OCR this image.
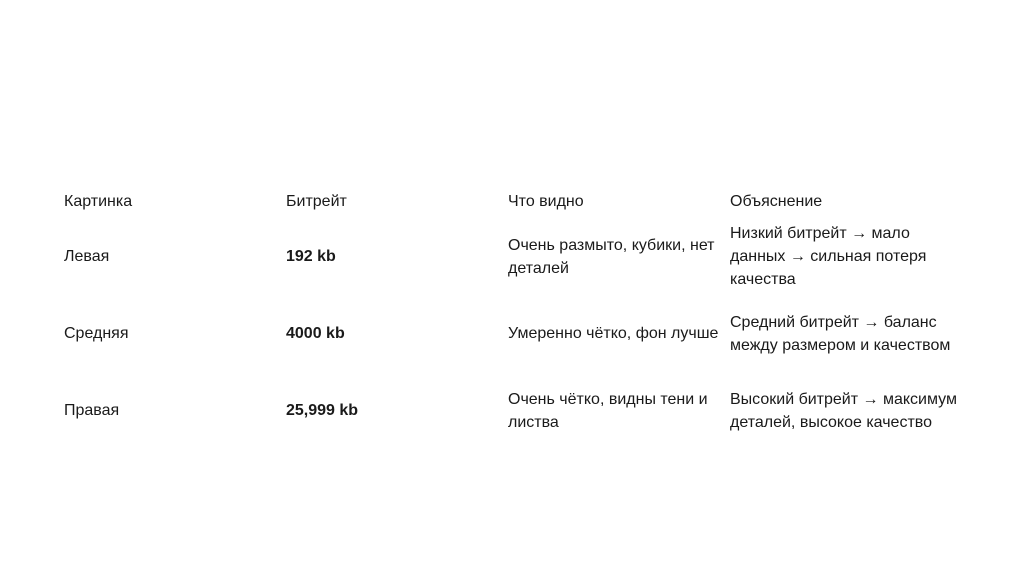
Картинка	Битрейт	Что видно	Объяснение
Левая	192 kb	Очень размыто, кубики, нет деталей	Низкий битрейт → мало данных → сильная потеря качества
Средняя	4000 kb	Умеренно чётко, фон лучше	Средний битрейт → баланс между размером и качеством
Правая	25,999 kb	Очень чётко, видны тени и листва	Высокий битрейт → максимум деталей, высокое качество
